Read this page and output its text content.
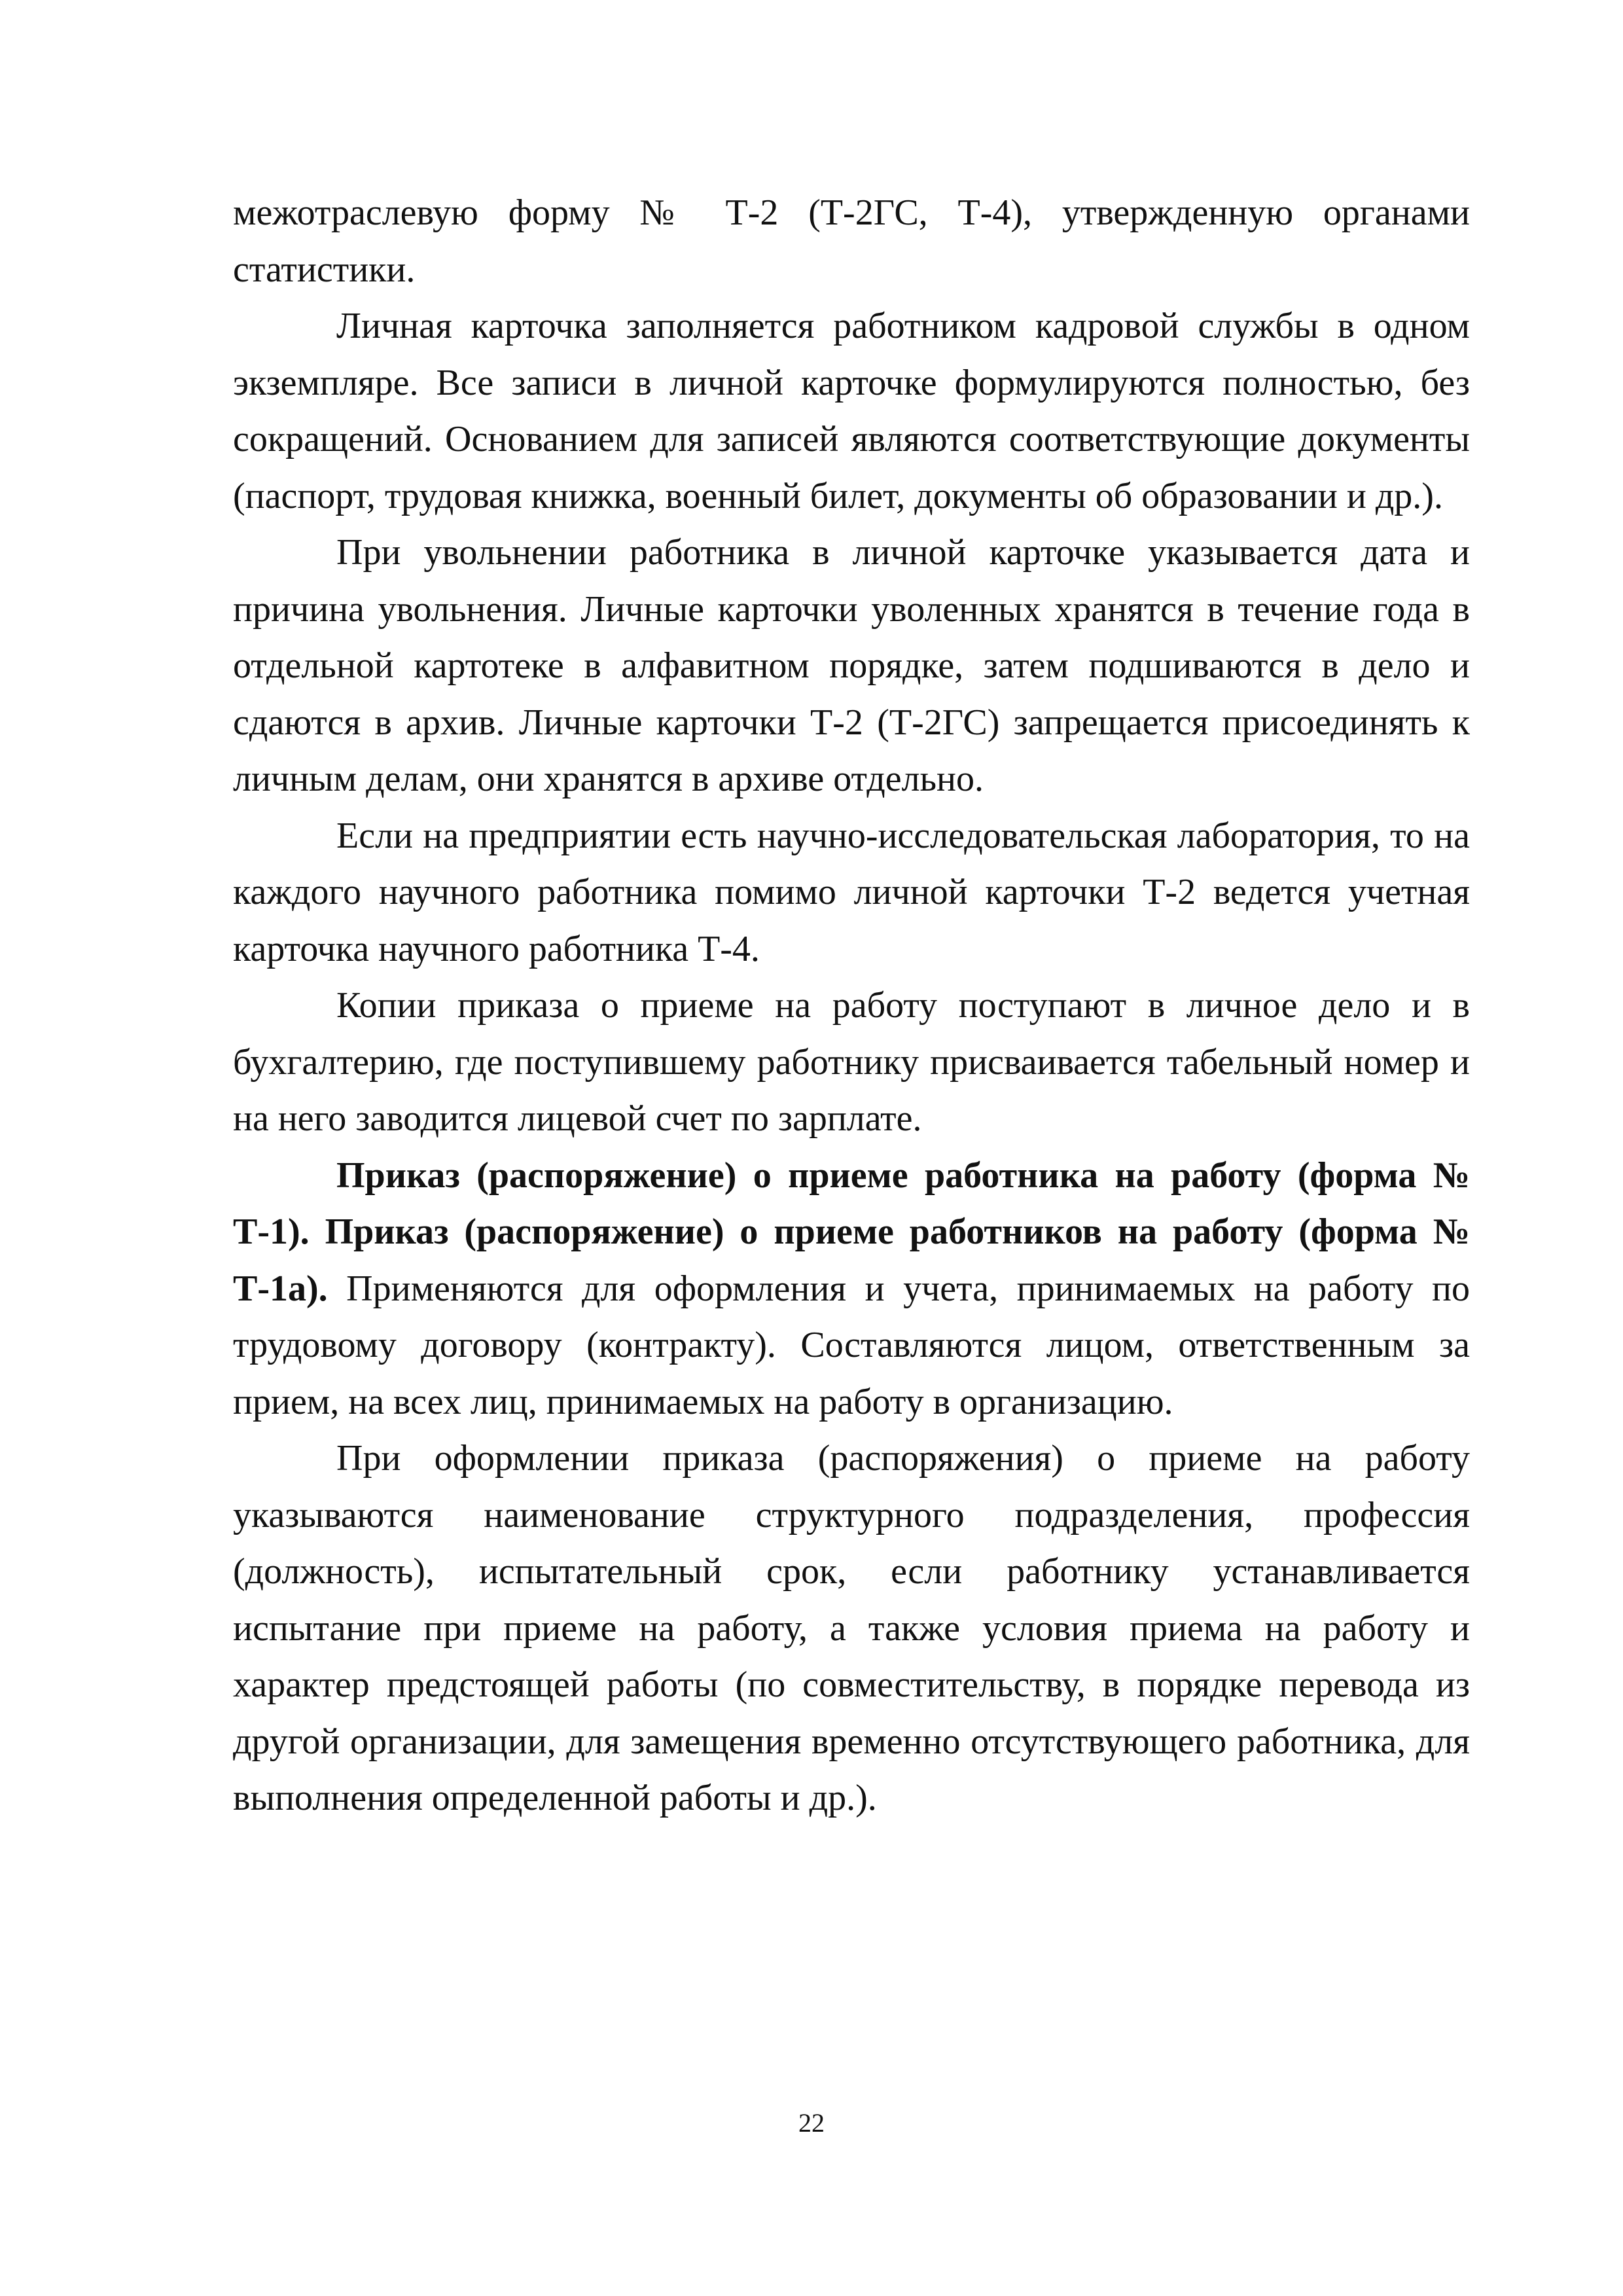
межотраслевую форму № Т-2 (Т-2ГС, Т-4), утвержденную органами статистики.

Личная карточка заполняется работником кадровой службы в одном экземпляре. Все записи в личной карточке формулируются полностью, без сокращений. Основанием для записей являются соответствующие документы (паспорт, трудовая книжка, военный билет, документы об образовании и др.).

При увольнении работника в личной карточке указывается дата и причина увольнения. Личные карточки уволенных хранятся в течение года в отдельной картотеке в алфавитном порядке, затем подшиваются в дело и сдаются в архив. Личные карточки Т-2 (Т-2ГС) запрещается присоединять к личным делам, они хранятся в архиве отдельно.

Если на предприятии есть научно-исследовательская лаборатория, то на каждого научного работника помимо личной карточки Т-2 ведется учетная карточка научного работника Т-4.

Копии приказа о приеме на работу поступают в личное дело и в бухгалтерию, где поступившему работнику присваивается табельный номер и на него заводится лицевой счет по зарплате.

Приказ (распоряжение) о приеме работника на работу (форма № Т-1). Приказ (распоряжение) о приеме работников на работу (форма № Т-1а). Применяются для оформления и учета, принимаемых на работу по трудовому договору (контракту). Составляются лицом, ответственным за прием, на всех лиц, принимаемых на работу в организацию.

При оформлении приказа (распоряжения) о приеме на работу указываются наименование структурного подразделения, профессия (должность), испытательный срок, если работнику устанавливается испытание при приеме на работу, а также условия приема на работу и характер предстоящей работы (по совместительству, в порядке перевода из другой организации, для замещения временно отсутствующего работника, для выполнения определенной работы и др.).

22
